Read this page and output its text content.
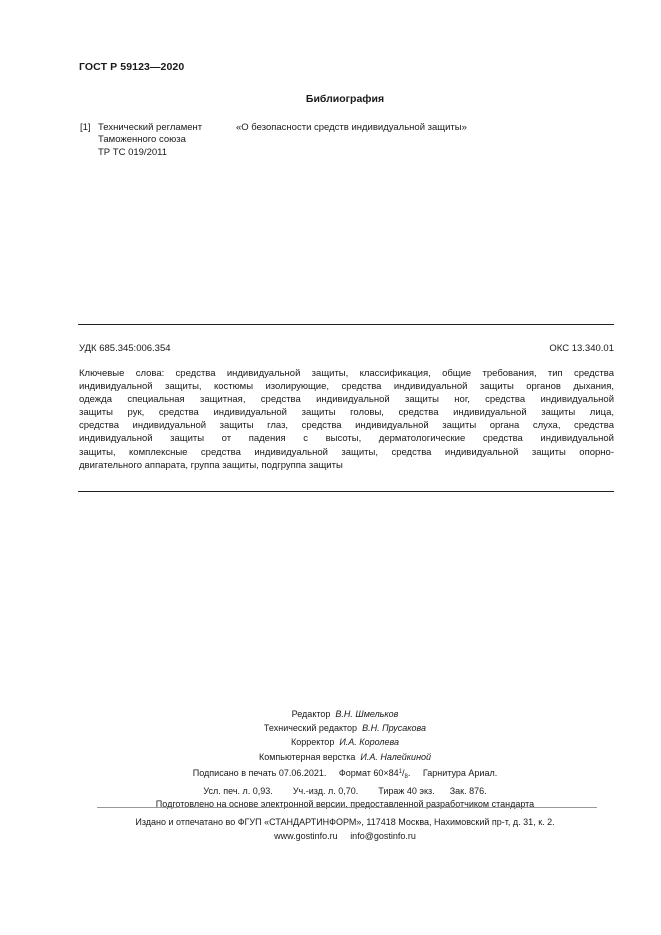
ГОСТ Р 59123—2020
Библиография
[1] Технический регламент
Таможенного союза
ТР ТС 019/2011
«О безопасности средств индивидуальной защиты»
УДК 685.345:006.354	ОКС 13.340.01
Ключевые слова: средства индивидуальной защиты, классификация, общие требования, тип средства
индивидуальной защиты, костюмы изолирующие, средства индивидуальной защиты органов дыхания,
одежда специальная защитная, средства индивидуальной защиты ног, средства индивидуальной
защиты рук, средства индивидуальной защиты головы, средства индивидуальной защиты лица,
средства индивидуальной защиты глаз, средства индивидуальной защиты органа слуха, средства
индивидуальной защиты от падения с высоты, дерматологические средства индивидуальной
защиты, комплексные средства индивидуальной защиты, средства индивидуальной защиты опорно-
двигательного аппарата, группа защиты, подгруппа защиты
Редактор В.Н. Шмельков
Технический редактор В.Н. Прусакова
Корректор И.А. Королева
Компьютерная верстка И.А. Налейкиной
Подписано в печать 07.06.2021. Формат $60\times 84^1/_8$. Гарнитура Ариал.
Усл. печ. л. 0,93. Уч.-изд. л. 0,70. Тираж 40 экз. Зак. 876.
Подготовлено на основе электронной версии, предоставленной разработчиком стандарта
Издано и отпечатано во ФГУП «СТАНДАРТИНФОРМ», 117418 Москва, Нахимовский пр-т, д. 31, к. 2.
www.gostinfo.ru info@gostinfo.ru
